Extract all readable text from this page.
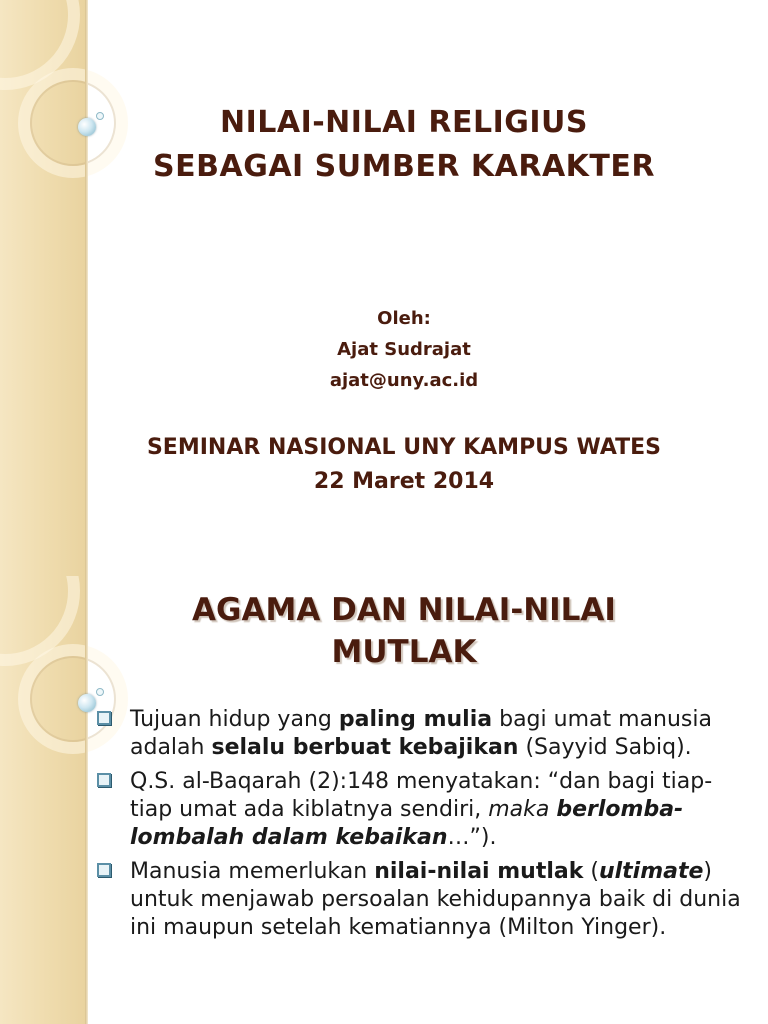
NILAI-NILAI RELIGIUS
SEBAGAI SUMBER KARAKTER
Oleh:
Ajat Sudrajat
ajat@uny.ac.id
SEMINAR NASIONAL UNY KAMPUS WATES
22 Maret 2014
AGAMA DAN NILAI-NILAI
MUTLAK
Tujuan hidup yang paling mulia bagi umat manusia adalah selalu berbuat kebajikan (Sayyid Sabiq).
Q.S. al-Baqarah (2):148 menyatakan: “dan bagi tiap-tiap umat ada kiblatnya sendiri, maka berlomba-lombalah dalam kebaikan…”).
Manusia memerlukan nilai-nilai mutlak (ultimate) untuk menjawab persoalan kehidupannya baik di dunia ini maupun setelah kematiannya (Milton Yinger).
